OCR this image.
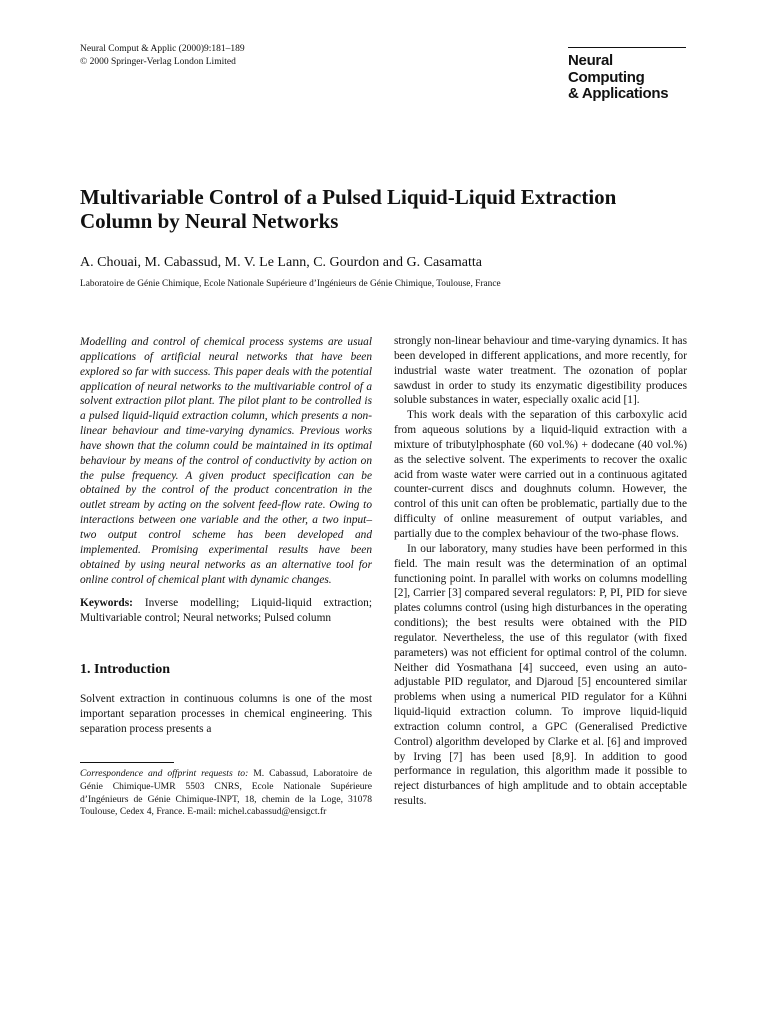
Neural Comput & Applic (2000)9:181–189
© 2000 Springer-Verlag London Limited	Neural
Computing
& Applications
Multivariable Control of a Pulsed Liquid-Liquid Extraction Column by Neural Networks
A. Chouai, M. Cabassud, M. V. Le Lann, C. Gourdon and G. Casamatta
Laboratoire de Génie Chimique, Ecole Nationale Supérieure d’Ingénieurs de Génie Chimique, Toulouse, France

Modelling and control of chemical process systems are usual applications of artificial neural networks that have been explored so far with success. This paper deals with the potential application of neural networks to the multivariable control of a solvent extraction pilot plant. The pilot plant to be controlled is a pulsed liquid-liquid extraction column, which presents a non-linear behaviour and time-varying dynamics. Previous works have shown that the column could be maintained in its optimal behaviour by means of the control of conductivity by action on the pulse frequency. A given product specification can be obtained by the control of the product concentration in the outlet stream by acting on the solvent feed-flow rate. Owing to interactions between one variable and the other, a two input–two output control scheme has been developed and implemented. Promising experimental results have been obtained by using neural networks as an alternative tool for online control of chemical plant with dynamic changes.

Keywords: Inverse modelling; Liquid-liquid extraction; Multivariable control; Neural networks; Pulsed column

1. Introduction

Solvent extraction in continuous columns is one of the most important separation processes in chemical engineering. This separation process presents a

Correspondence and offprint requests to: M. Cabassud, Laboratoire de Génie Chimique-UMR 5503 CNRS, Ecole Nationale Supérieure d’Ingénieurs de Génie Chimique-INPT, 18, chemin de la Loge, 31078 Toulouse, Cedex 4, France. E-mail: michel.cabassud@ensigct.fr

strongly non-linear behaviour and time-varying dynamics. It has been developed in different applications, and more recently, for industrial waste water treatment. The ozonation of poplar sawdust in order to study its enzymatic digestibility produces soluble substances in water, especially oxalic acid [1].

This work deals with the separation of this carboxylic acid from aqueous solutions by a liquid-liquid extraction with a mixture of tributylphosphate (60 vol.%) + dodecane (40 vol.%) as the selective solvent. The experiments to recover the oxalic acid from waste water were carried out in a continuous agitated counter-current discs and doughnuts column. However, the control of this unit can often be problematic, partially due to the difficulty of online measurement of output variables, and partially due to the complex behaviour of the two-phase flows.

In our laboratory, many studies have been performed in this field. The main result was the determination of an optimal functioning point. In parallel with works on columns modelling [2], Carrier [3] compared several regulators: P, PI, PID for sieve plates columns control (using high disturbances in the operating conditions); the best results were obtained with the PID regulator. Nevertheless, the use of this regulator (with fixed parameters) was not efficient for optimal control of the column. Neither did Yosmathana [4] succeed, even using an auto-adjustable PID regulator, and Djaroud [5] encountered similar problems when using a numerical PID regulator for a Kühni liquid-liquid extraction column. To improve liquid-liquid extraction column control, a GPC (Generalised Predictive Control) algorithm developed by Clarke et al. [6] and improved by Irving [7] has been used [8,9]. In addition to good performance in regulation, this algorithm made it possible to reject disturbances of high amplitude and to obtain acceptable results.
